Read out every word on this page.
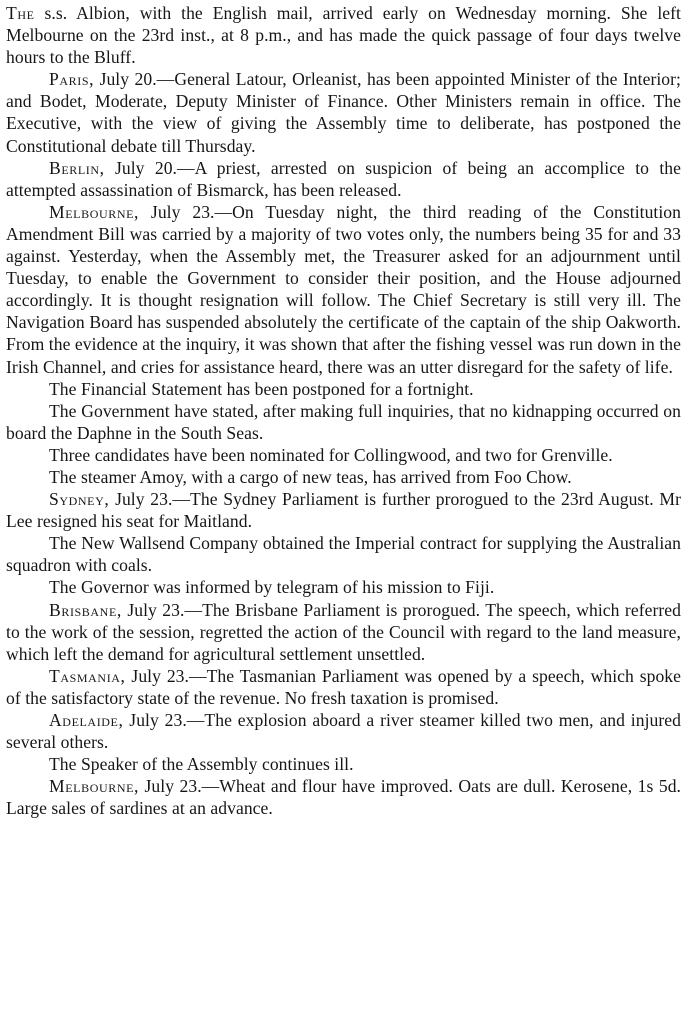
The s.s. Albion, with the English mail, arrived early on Wednesday morning. She left Melbourne on the 23rd inst., at 8 p.m., and has made the quick passage of four days twelve hours to the Bluff.

Paris, July 20.—General Latour, Orleanist, has been appointed Minister of the Interior; and Bodet, Moderate, Deputy Minister of Finance. Other Ministers remain in office. The Executive, with the view of giving the Assembly time to deliberate, has postponed the Constitutional debate till Thursday.

Berlin, July 20.—A priest, arrested on suspicion of being an accomplice to the attempted assassination of Bismarck, has been released.

Melbourne, July 23.—On Tuesday night, the third reading of the Constitution Amendment Bill was carried by a majority of two votes only, the numbers being 35 for and 33 against. Yesterday, when the Assembly met, the Treasurer asked for an adjournment until Tuesday, to enable the Government to consider their position, and the House adjourned accordingly. It is thought resignation will follow. The Chief Secretary is still very ill. The Navigation Board has suspended absolutely the certificate of the captain of the ship Oakworth. From the evidence at the inquiry, it was shown that after the fishing vessel was run down in the Irish Channel, and cries for assistance heard, there was an utter disregard for the safety of life.

The Financial Statement has been postponed for a fortnight.

The Government have stated, after making full inquiries, that no kidnapping occurred on board the Daphne in the South Seas.

Three candidates have been nominated for Collingwood, and two for Grenville.

The steamer Amoy, with a cargo of new teas, has arrived from Foo Chow.

Sydney, July 23.—The Sydney Parliament is further prorogued to the 23rd August. Mr Lee resigned his seat for Maitland.

The New Wallsend Company obtained the Imperial contract for supplying the Australian squadron with coals.

The Governor was informed by telegram of his mission to Fiji.

Brisbane, July 23.—The Brisbane Parliament is prorogued. The speech, which referred to the work of the session, regretted the action of the Council with regard to the land measure, which left the demand for agricultural settlement unsettled.

Tasmania, July 23.—The Tasmanian Parliament was opened by a speech, which spoke of the satisfactory state of the revenue. No fresh taxation is promised.

Adelaide, July 23.—The explosion aboard a river steamer killed two men, and injured several others.

The Speaker of the Assembly continues ill.

Melbourne, July 23.—Wheat and flour have improved. Oats are dull. Kerosene, 1s 5d. Large sales of sardines at an advance.
